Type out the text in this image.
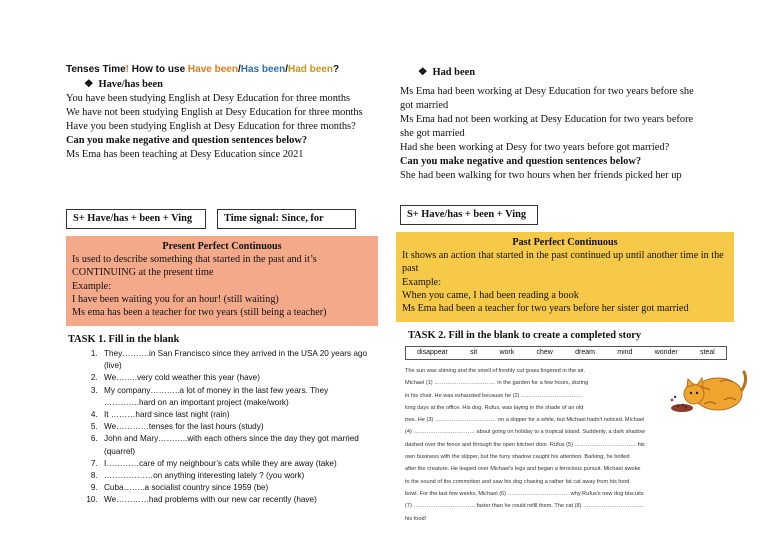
Tenses Time! How to use Have been/Has been/Had been?
❖ Have/has been

You have been studying English at Desy Education for three months

We have not been studying English at Desy Education for three months

Have you been studying English at Desy Education for three months?

Can you make negative and question sentences below?

Ms Ema has been teaching at Desy Education since 2021

S+ Have/has + been + Ving	Time signal: Since, for
Present Perfect Continuous
Is used to describe something that started in the past and it’s CONTINUING at the present time
Example:
I have been waiting you for an hour! (still waiting)
Ms ema has been a teacher for two years (still being a teacher)
TASK 1. Fill in the blank
1. They……….in San Francisco since they arrived in the USA 20 years ago (live)
2. We……..very cold weather this year (have)
3. My company………..a lot of money in the last few years. They ………….hard on an important project (make/work)
4. It ………hard since last night (rain)
5. We…………tenses for the last hours (study)
6. John and Mary………..with each others since the day they got married (quarrel)
7. I…………care of my neighbour’s cats while they are away (take)
8. ………………on anything interesting lately ? (you work)
9. Cuba……..a socialist country since 1959 (be)
10. We…………had problems with our new car recently (have)
❖ Had been

Ms Ema had been working at Desy Education for two years before she got married

Ms Ema had not been working at Desy Education for two years before she got married

Had she been working at Desy for two years before got married?

Can you make negative and question sentences below?

She had been walking for two hours when her friends picked her up

S+ Have/has + been + Ving
Past Perfect Continuous
It shows an action that started in the past continued up until another time in the past
Example:
When you came, I had been reading a book
Ms Ema had been a teacher for two years before her sister got married
TASK 2. Fill in the blank to create a completed story
disappear	sit	work	chew	dream	mind	wonder	steal

The sun was shining and the smell of freshly cut grass lingered in the air.

Michael (1) …………………………… in the garden for a few hours, dozing

in his chair. He was exhausted because he (2) ……………………………

long days at the office. His dog, Rufus, was laying in the shade of an old

tree. He (3) …………………………… on a slipper for a while, but Michael hadn't noticed. Michael

(4) …………………………… about going on holiday to a tropical island. Suddenly, a dark shadow

dashed over the fence and through the open kitchen door. Rufus (5) …………………………… his

own business with the slipper, but the furry shadow caught his attention. Barking, he bolted

after the creature. He leaped over Michael's legs and began a ferocious pursuit. Michael awoke

to the sound of the commotion and saw his dog chasing a rather fat cat away from his food

bowl. For the last few weeks, Michael (6) …………………………… why Rufus's new dog biscuits

(7) …………………………… faster than he could refill them. The cat (8) ……………………………

his food!
